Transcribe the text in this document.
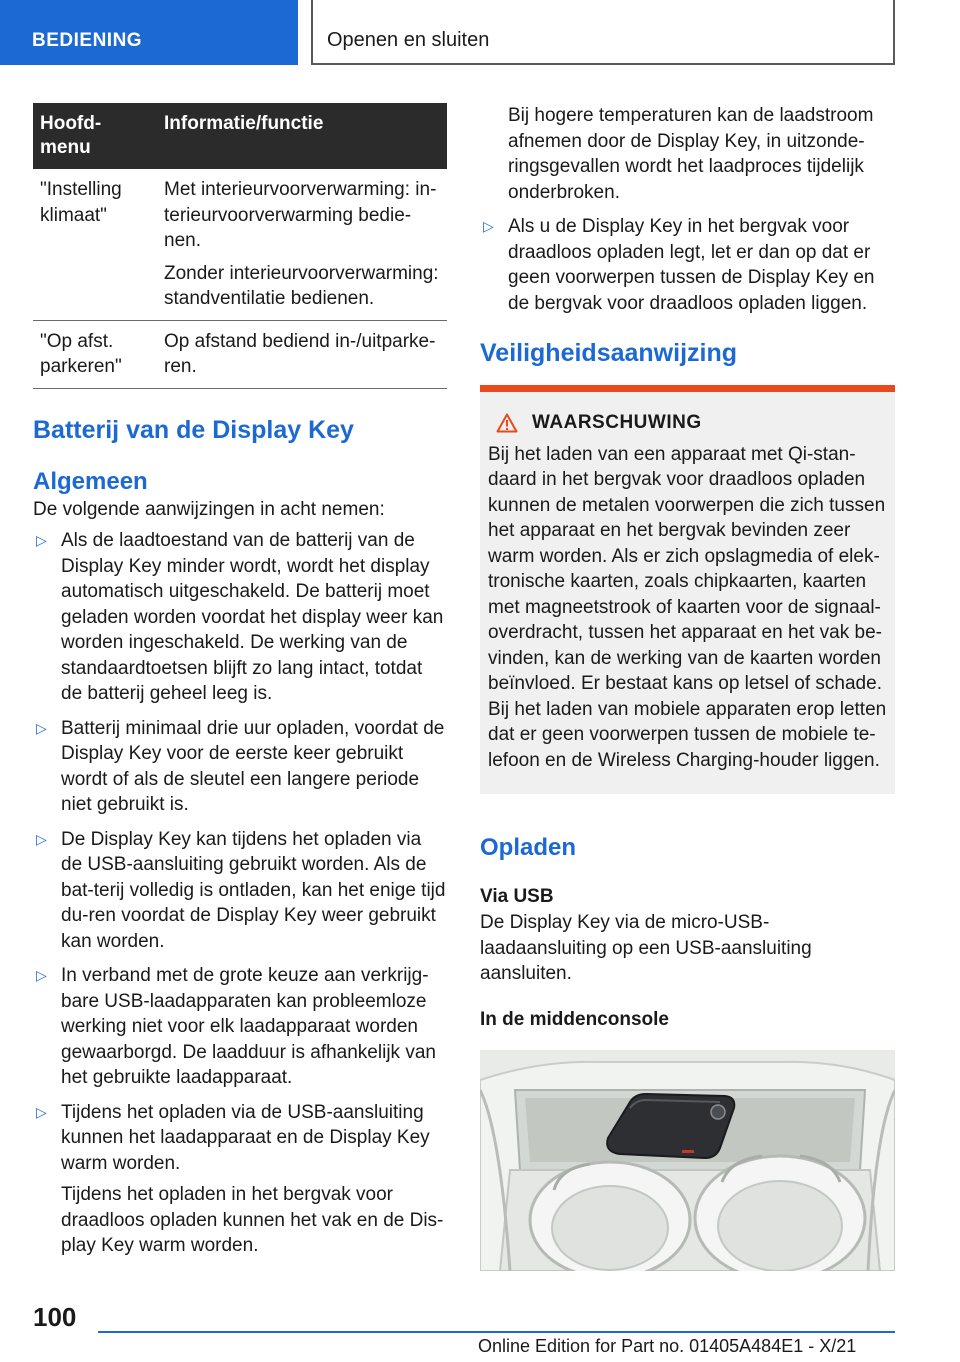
BEDIENING	Openen en sluiten
Hoofd-
menu	Informatie/functie
"Instelling klimaat"	Met interieurvoorverwarming: in-terieurvoorverwarming bedie-nen.

Zonder interieurvoorverwarming: standventilatie bedienen.

"Op afst. parkeren"	Op afstand bediend in-/uitparke-ren.

Batterij van de Display Key
Algemeen

De volgende aanwijzingen in acht nemen:

▷ Als de laadtoestand van de batterij van de Display Key minder wordt, wordt het display automatisch uitgeschakeld. De batterij moet geladen worden voordat het display weer kan worden ingeschakeld. De werking van de standaardtoetsen blijft zo lang intact, totdat de batterij geheel leeg is.

▷ Batterij minimaal drie uur opladen, voordat de Display Key voor de eerste keer gebruikt wordt of als de sleutel een langere periode niet gebruikt is.

▷ De Display Key kan tijdens het opladen via de USB-aansluiting gebruikt worden. Als de bat-terij volledig is ontladen, kan het enige tijd du-ren voordat de Display Key weer gebruikt kan worden.

▷ In verband met de grote keuze aan verkrijg-bare USB-laadapparaten kan probleemloze werking niet voor elk laadapparaat worden gewaarborgd. De laadduur is afhankelijk van het gebruikte laadapparaat.

▷ Tijdens het opladen via de USB-aansluiting kunnen het laadapparaat en de Display Key warm worden.

Tijdens het opladen in het bergvak voor draadloos opladen kunnen het vak en de Dis-play Key warm worden.

Bij hogere temperaturen kan de laadstroom afnemen door de Display Key, in uitzonde-ringsgevallen wordt het laadproces tijdelijk onderbroken.

▷ Als u de Display Key in het bergvak voor draadloos opladen legt, let er dan op dat er geen voorwerpen tussen de Display Key en de bergvak voor draadloos opladen liggen.

Veiligheidsaanwijzing
WAARSCHUWING

Bij het laden van een apparaat met Qi-stan-daard in het bergvak voor draadloos opladen kunnen de metalen voorwerpen die zich tussen het apparaat en het bergvak bevinden zeer warm worden. Als er zich opslagmedia of elek-tronische kaarten, zoals chipkaarten, kaarten met magneetstrook of kaarten voor de signaal-overdracht, tussen het apparaat en het vak be-vinden, kan de werking van de kaarten worden beïnvloed. Er bestaat kans op letsel of schade. Bij het laden van mobiele apparaten erop letten dat er geen voorwerpen tussen de mobiele te-lefoon en de Wireless Charging-houder liggen.

Opladen
Via USB

De Display Key via de micro-USB-laadaansluiting op een USB-aansluiting aansluiten.

In de middenconsole
100
Online Edition for Part no. 01405A484E1 - X/21
